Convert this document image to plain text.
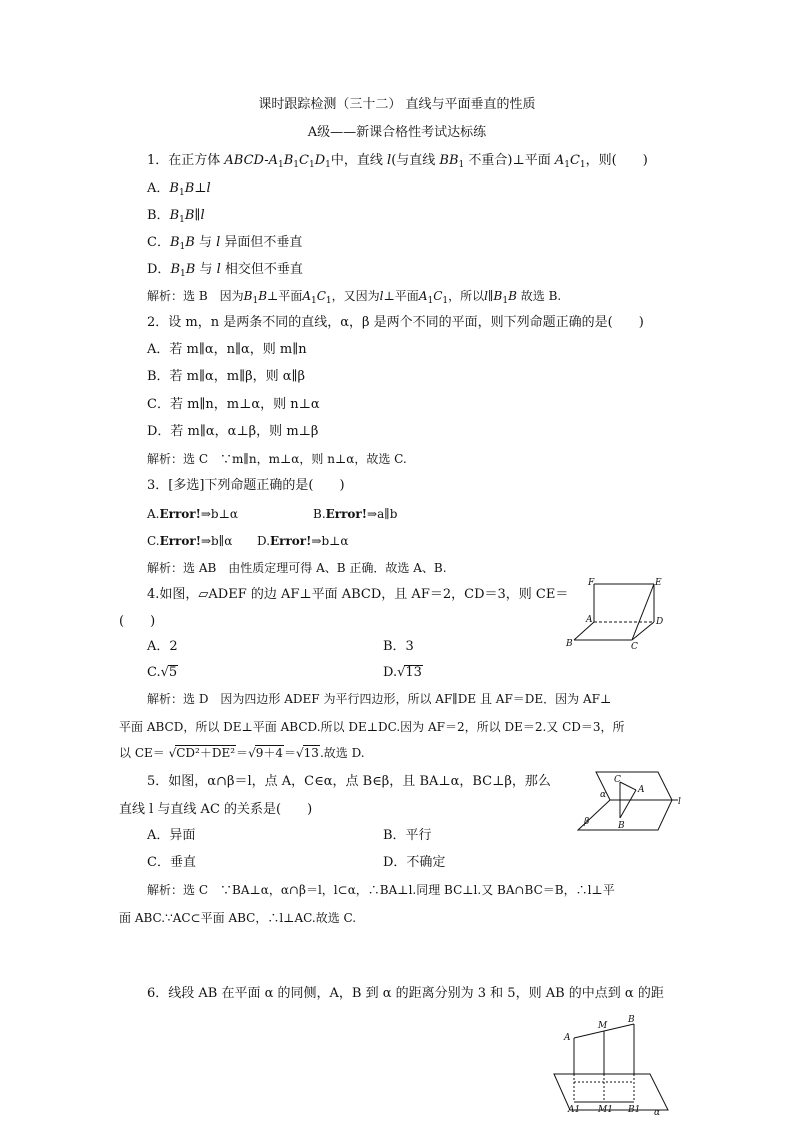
课时跟踪检测（三十二） 直线与平面垂直的性质
A级——新课合格性考试达标练
1．在正方体 ABCD-$A_1B_1C_1D_1$中，直线 l(与直线 $BB_1$ 不重合)⊥平面 $A_1C_1$，则(　　)
A．$B_1B\perp l$
B．$B_1B\parallel l$
C．$B_1B$ 与 l 异面但不垂直
D．$B_1B$ 与 l 相交但不垂直
解析：选 B　因为$B_1B\perp$平面$A_1C_1$，又因为l⊥平面$A_1C_1$，所以$l\parallel B_1B$ 故选 B.
2．设 m，n 是两条不同的直线，α，β 是两个不同的平面，则下列命题正确的是(　　)
A．若 m∥α，n∥α，则 m∥n
B．若 m∥α，m∥β，则 α∥β
C．若 m∥n，m⊥α，则 n⊥α
D．若 m∥α，α⊥β，则 m⊥β
解析：选 C　∵m∥n，m⊥α，则 n⊥α，故选 C.
3．[多选]下列命题正确的是(　　)
A.Error!⇒b⊥α	B.Error!⇒a∥b
C.Error!⇒b∥α D.Error!⇒b⊥α
解析：选 AB　由性质定理可得 A、B 正确．故选 A、B.
4.如图，▱ADEF 的边 AF⊥平面 ABCD，且 AF＝2，CD＝3，则 CE＝
(　　)
A．2	B．3
C.√5	D.√13
解析：选 D　因为四边形 ADEF 为平行四边形，所以 AF∥DE 且 AF＝DE．因为 AF⊥
平面 ABCD，所以 DE⊥平面 ABCD.所以 DE⊥DC.因为 AF＝2，所以 DE＝2.又 CD＝3，所
以 CE＝ √CD²＋DE²＝√9＋4＝√13.故选 D.
5．如图，α∩β＝l，点 A，C∈α，点 B∈β，且 BA⊥α，BC⊥β，那么
直线 l 与直线 AC 的关系是(　　)
A．异面	B．平行
C．垂直	D．不确定
解析：选 C　∵BA⊥α，α∩β＝l，l⊂α，∴BA⊥l.同理 BC⊥l.又 BA∩BC＝B，∴l⊥平
面 ABC.∵AC⊂平面 ABC，∴l⊥AC.故选 C.
6．线段 AB 在平面 α 的同侧，A，B 到 α 的距离分别为 3 和 5，则 AB 的中点到 α 的距
F	E
A	D
B	C
C
A
α
l
β	B
M
B
A
A1 M1 B1 α
